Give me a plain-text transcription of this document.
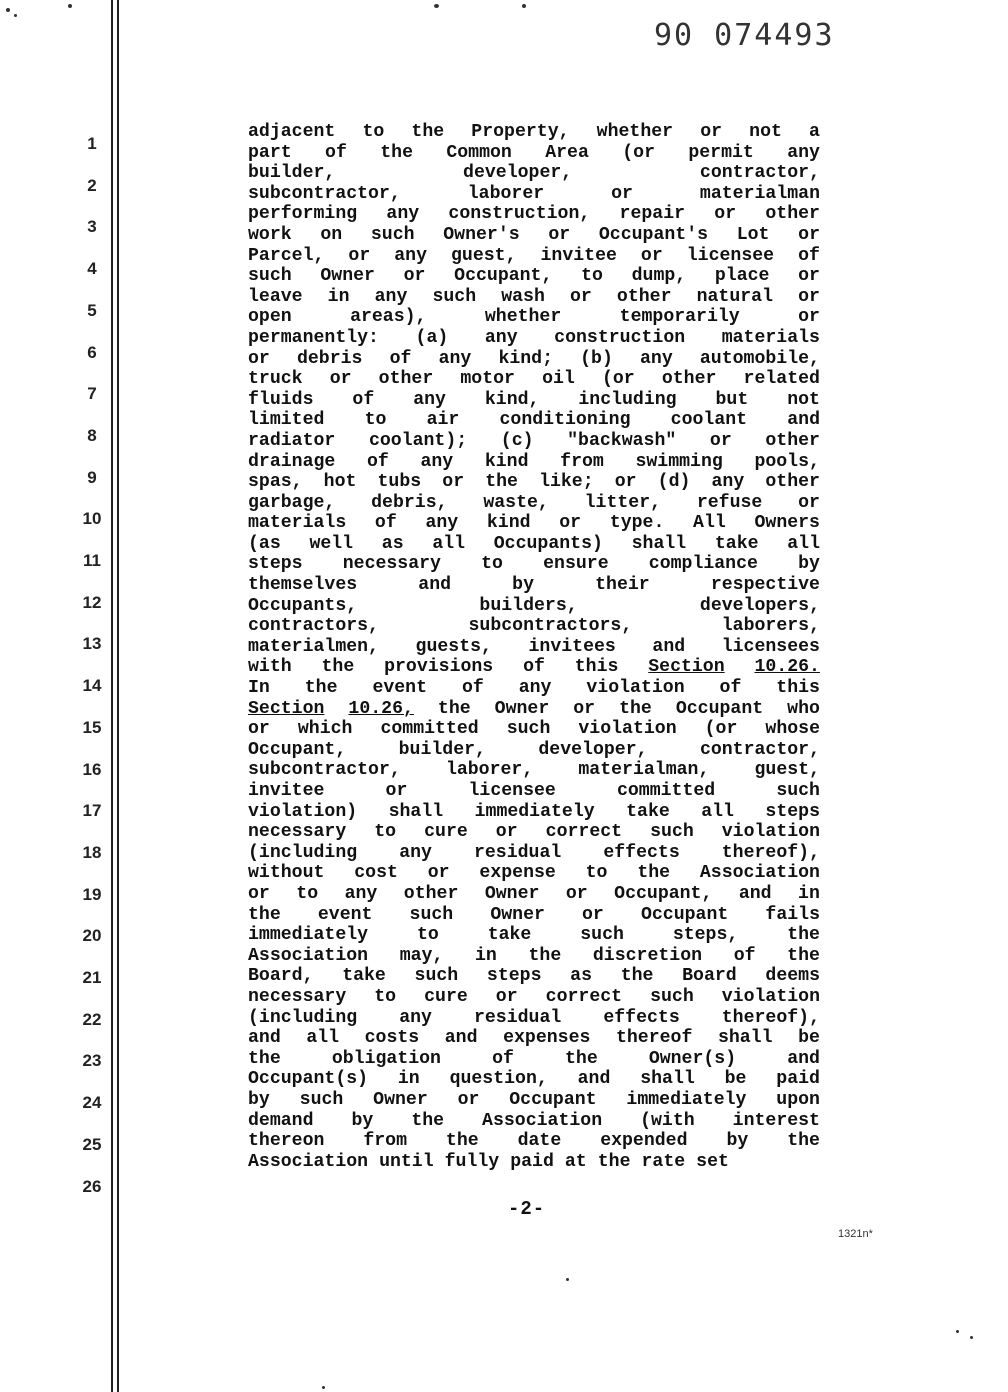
90 074493
1
2
3
4
5
6
7
8
9
10
11
12
13
14
15
16
17
18
19
20
21
22
23
24
25
26
adjacent to the Property, whether or not a
part of the Common Area (or permit any
builder,	developer,	contractor,
subcontractor,	laborer	or	materialman
performing any construction, repair or other
work on such Owner's or Occupant's Lot or
Parcel, or any guest, invitee or licensee of
such Owner or Occupant, to dump, place or
leave in any such wash or other natural or
open	areas),	whether	temporarily	or
permanently: (a) any construction materials
or debris of any kind; (b) any automobile,
truck or other motor oil (or other related
fluids of any kind, including but not
limited to air conditioning coolant and
radiator coolant); (c) "backwash" or other
drainage of any kind from swimming pools,
spas, hot tubs or the like; or (d) any other
garbage, debris, waste, litter, refuse or
materials of any kind or type. All Owners
(as well as all Occupants) shall take all
steps necessary to ensure compliance by
themselves	and	by	their	respective
Occupants,	builders,	developers,
contractors,	subcontractors,	laborers,
materialmen, guests, invitees and licensees
with the provisions of this Section 10.26.
In the event of any violation of this
Section 10.26, the Owner or the Occupant who
or which committed such violation (or whose
Occupant,	builder,	developer,	contractor,
subcontractor, laborer, materialman, guest,
invitee	or	licensee	committed	such
violation) shall immediately take all steps
necessary to cure or correct such violation
(including any residual effects thereof),
without cost or expense to the Association
or to any other Owner or Occupant, and in
the event such Owner or Occupant fails
immediately	to	take	such	steps,	the
Association may, in the discretion of the
Board, take such steps as the Board deems
necessary to cure or correct such violation
(including any residual effects thereof),
and all costs and expenses thereof shall be
the	obligation	of	the	Owner(s)	and
Occupant(s) in question, and shall be paid
by such Owner or Occupant immediately upon
demand by the Association (with interest
thereon from the date expended by the
Association until fully paid at the rate set
-2-
1321n*
